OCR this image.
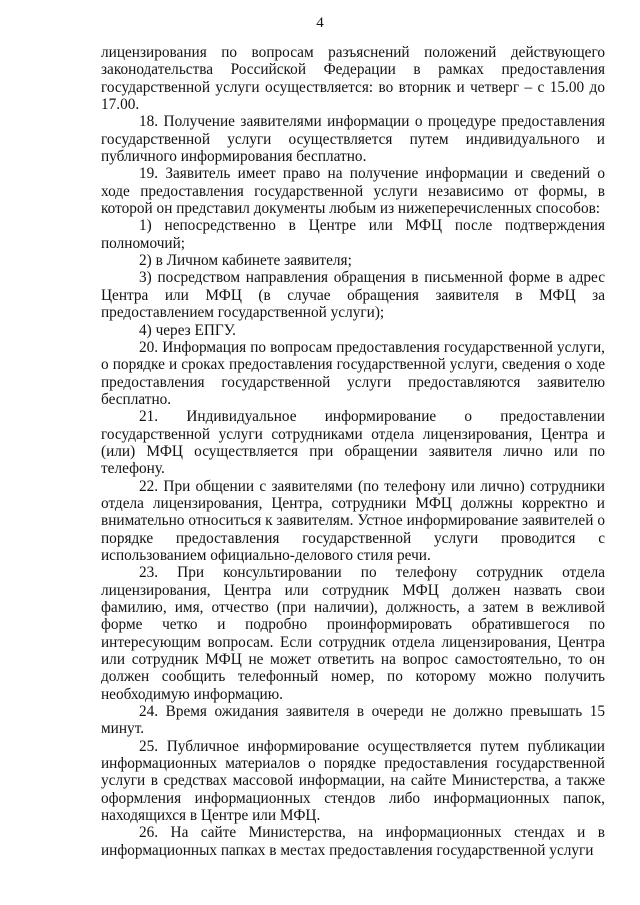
4

лицензирования по вопросам разъяснений положений действующего законодательства Российской Федерации в рамках предоставления государственной услуги осуществляется: во вторник и четверг – с 15.00 до 17.00.

18. Получение заявителями информации о процедуре предоставления государственной услуги осуществляется путем индивидуального и публичного информирования бесплатно.

19. Заявитель имеет право на получение информации и сведений о ходе предоставления государственной услуги независимо от формы, в которой он представил документы любым из нижеперечисленных способов:

1) непосредственно в Центре или МФЦ после подтверждения полномочий;

2) в Личном кабинете заявителя;

3) посредством направления обращения в письменной форме в адрес Центра или МФЦ (в случае обращения заявителя в МФЦ за предоставлением государственной услуги);

4) через ЕПГУ.

20. Информация по вопросам предоставления государственной услуги, о порядке и сроках предоставления государственной услуги, сведения о ходе предоставления государственной услуги предоставляются заявителю бесплатно.

21. Индивидуальное информирование о предоставлении государственной услуги сотрудниками отдела лицензирования, Центра и (или) МФЦ осуществляется при обращении заявителя лично или по телефону.

22. При общении с заявителями (по телефону или лично) сотрудники отдела лицензирования, Центра, сотрудники МФЦ должны корректно и внимательно относиться к заявителям. Устное информирование заявителей о порядке предоставления государственной услуги проводится с использованием официально-делового стиля речи.

23. При консультировании по телефону сотрудник отдела лицензирования, Центра или сотрудник МФЦ должен назвать свои фамилию, имя, отчество (при наличии), должность, а затем в вежливой форме четко и подробно проинформировать обратившегося по интересующим вопросам. Если сотрудник отдела лицензирования, Центра или сотрудник МФЦ не может ответить на вопрос самостоятельно, то он должен сообщить телефонный номер, по которому можно получить необходимую информацию.

24. Время ожидания заявителя в очереди не должно превышать 15 минут.

25. Публичное информирование осуществляется путем публикации информационных материалов о порядке предоставления государственной услуги в средствах массовой информации, на сайте Министерства, а также оформления информационных стендов либо информационных папок, находящихся в Центре или МФЦ.

26. На сайте Министерства, на информационных стендах и в информационных папках в местах предоставления государственной услуги
